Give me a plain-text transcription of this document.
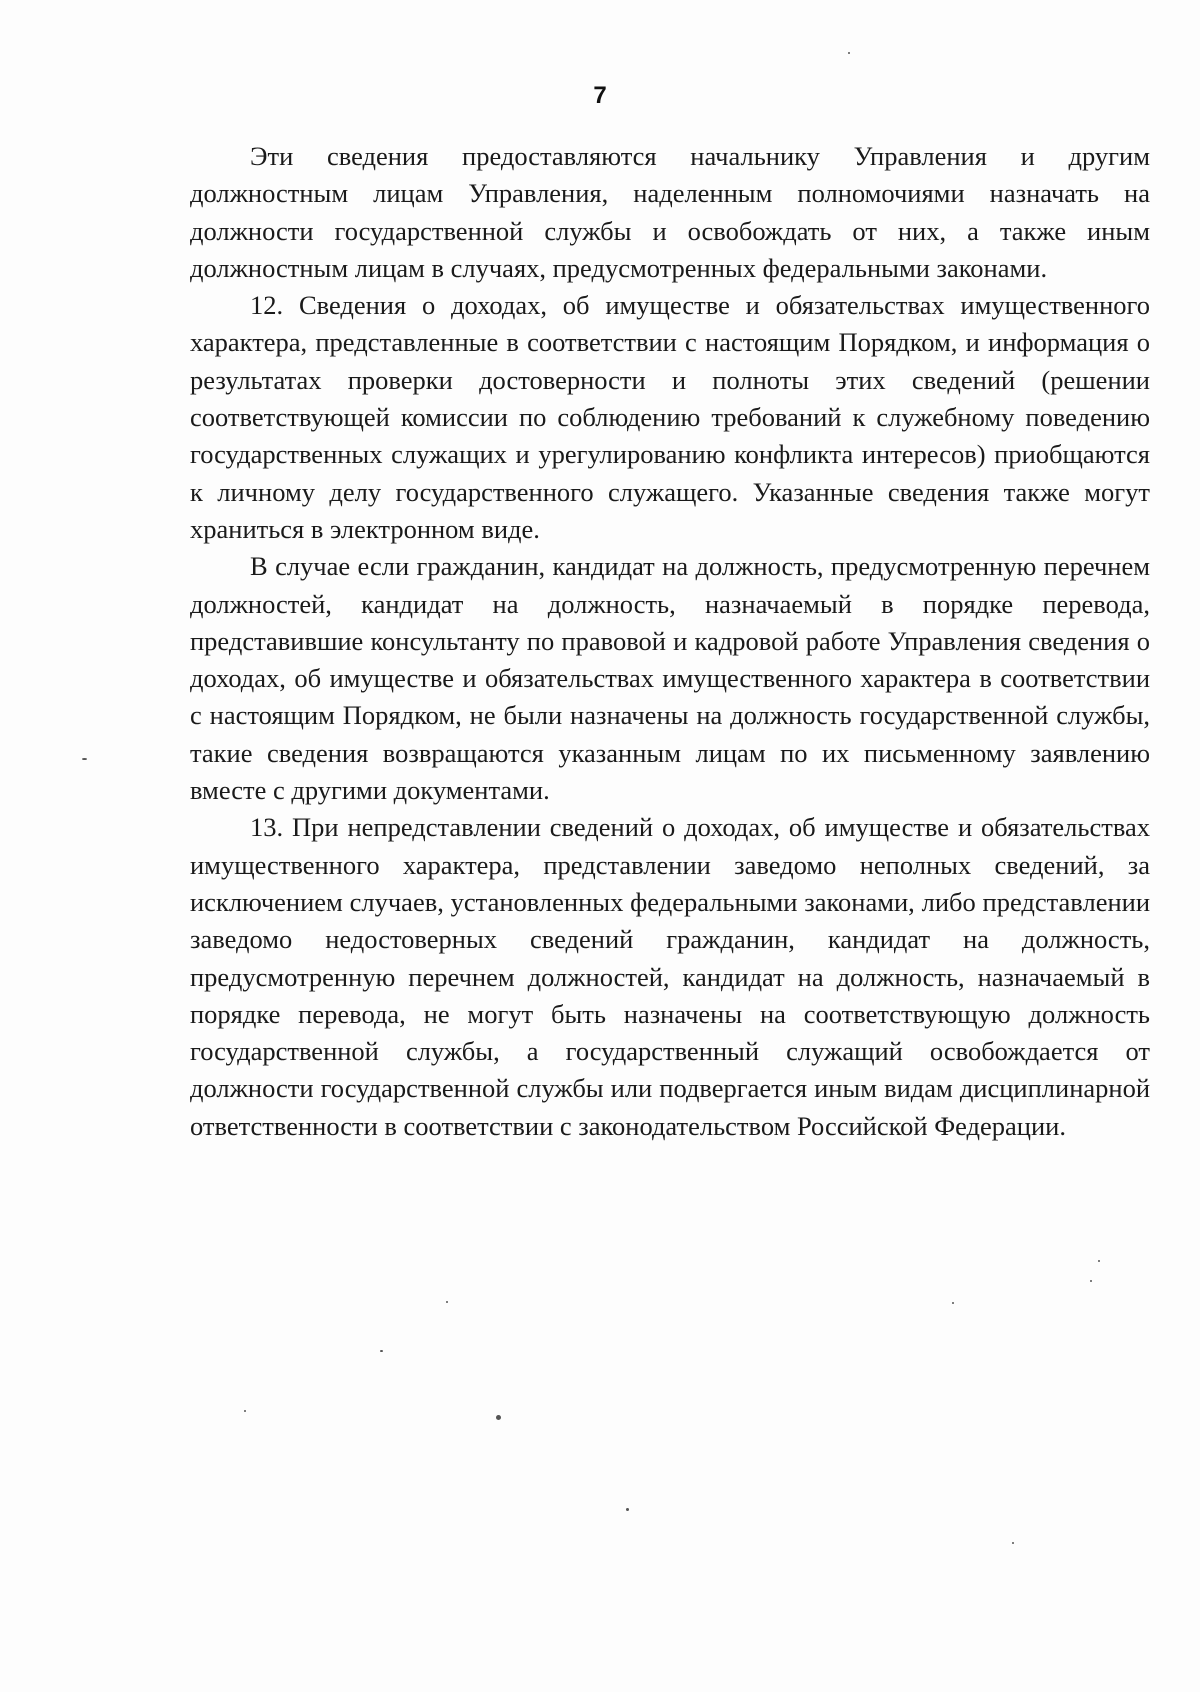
7

Эти сведения предоставляются начальнику Управления и другим должностным лицам Управления, наделенным полномочиями назначать на должности государственной службы и освобождать от них, а также иным должностным лицам в случаях, предусмотренных федеральными законами.

12. Сведения о доходах, об имуществе и обязательствах имущественного характера, представленные в соответствии с настоящим Порядком, и информация о результатах проверки достоверности и полноты этих сведений (решении соответствующей комиссии по соблюдению требований к служебному поведению государственных служащих и урегулированию конфликта интересов) приобщаются к личному делу государственного служащего. Указанные сведения также могут храниться в электронном виде.

В случае если гражданин, кандидат на должность, предусмотренную перечнем должностей, кандидат на должность, назначаемый в порядке перевода, представившие консультанту по правовой и кадровой работе Управления сведения о доходах, об имуществе и обязательствах имущественного характера в соответствии с настоящим Порядком, не были назначены на должность государственной службы, такие сведения возвращаются указанным лицам по их письменному заявлению вместе с другими документами.

13. При непредставлении сведений о доходах, об имуществе и обязательствах имущественного характера, представлении заведомо неполных сведений, за исключением случаев, установленных федеральными законами, либо представлении заведомо недостоверных сведений гражданин, кандидат на должность, предусмотренную перечнем должностей, кандидат на должность, назначаемый в порядке перевода, не могут быть назначены на соответствующую должность государственной службы, а государственный служащий освобождается от должности государственной службы или подвергается иным видам дисциплинарной ответственности в соответствии с законодательством Российской Федерации.
